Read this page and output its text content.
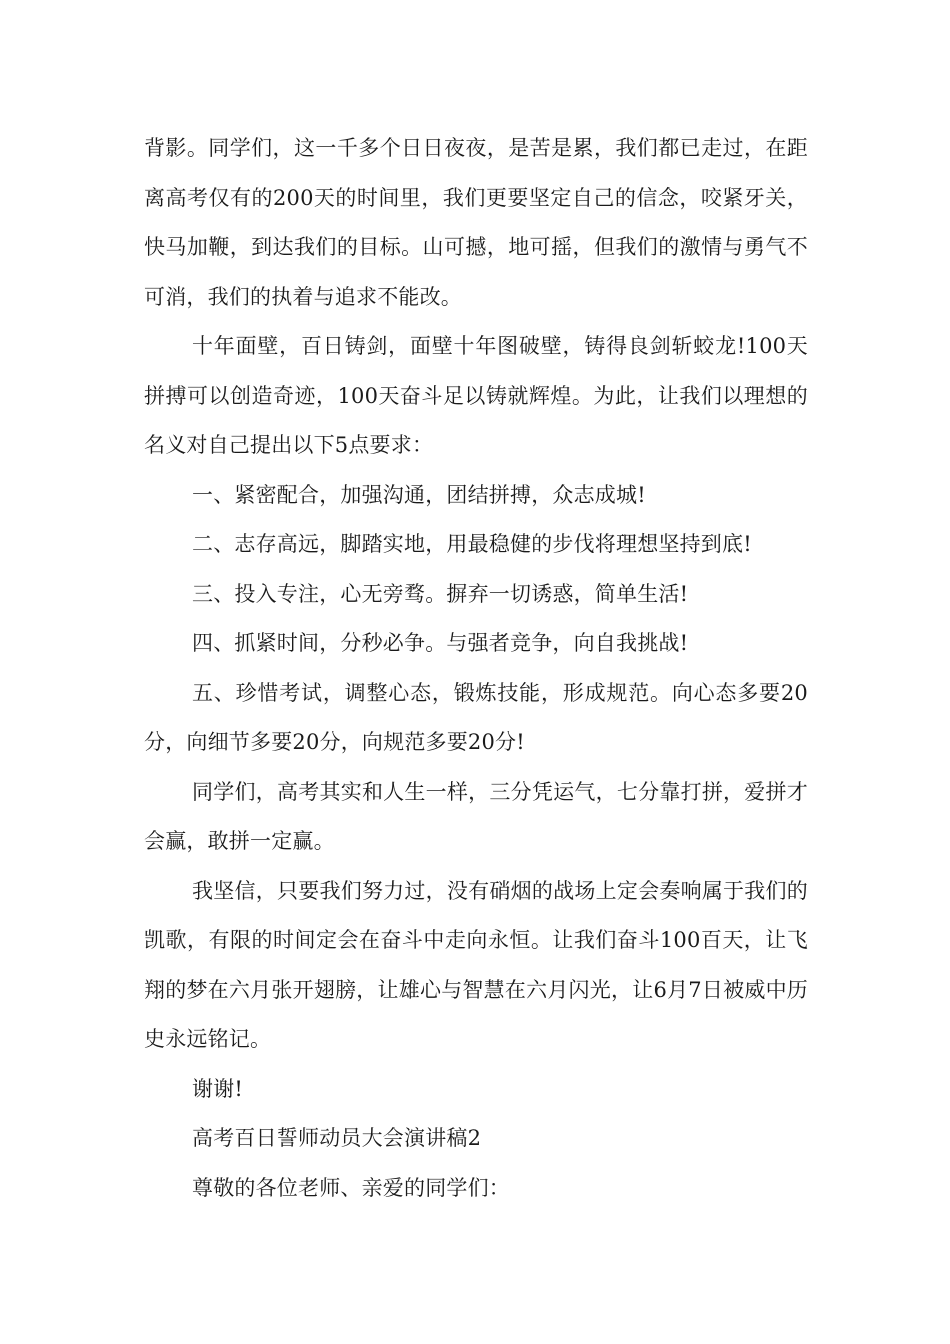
背影。同学们，这一千多个日日夜夜，是苦是累，我们都已走过，在距离高考仅有的200天的时间里，我们更要坚定自己的信念，咬紧牙关，快马加鞭，到达我们的目标。山可撼，地可摇，但我们的激情与勇气不可消，我们的执着与追求不能改。

十年面壁，百日铸剑，面壁十年图破壁，铸得良剑斩蛟龙!100天拼搏可以创造奇迹，100天奋斗足以铸就辉煌。为此，让我们以理想的名义对自己提出以下5点要求：

一、紧密配合，加强沟通，团结拼搏，众志成城!

二、志存高远，脚踏实地，用最稳健的步伐将理想坚持到底!

三、投入专注，心无旁骛。摒弃一切诱惑，简单生活!

四、抓紧时间，分秒必争。与强者竞争，向自我挑战!

五、珍惜考试，调整心态，锻炼技能，形成规范。向心态多要20分，向细节多要20分，向规范多要20分!

同学们，高考其实和人生一样，三分凭运气，七分靠打拼，爱拼才会赢，敢拼一定赢。

我坚信，只要我们努力过，没有硝烟的战场上定会奏响属于我们的凯歌，有限的时间定会在奋斗中走向永恒。让我们奋斗100百天，让飞翔的梦在六月张开翅膀，让雄心与智慧在六月闪光，让6月7日被威中历史永远铭记。

谢谢!

高考百日誓师动员大会演讲稿2

尊敬的各位老师、亲爱的同学们：
